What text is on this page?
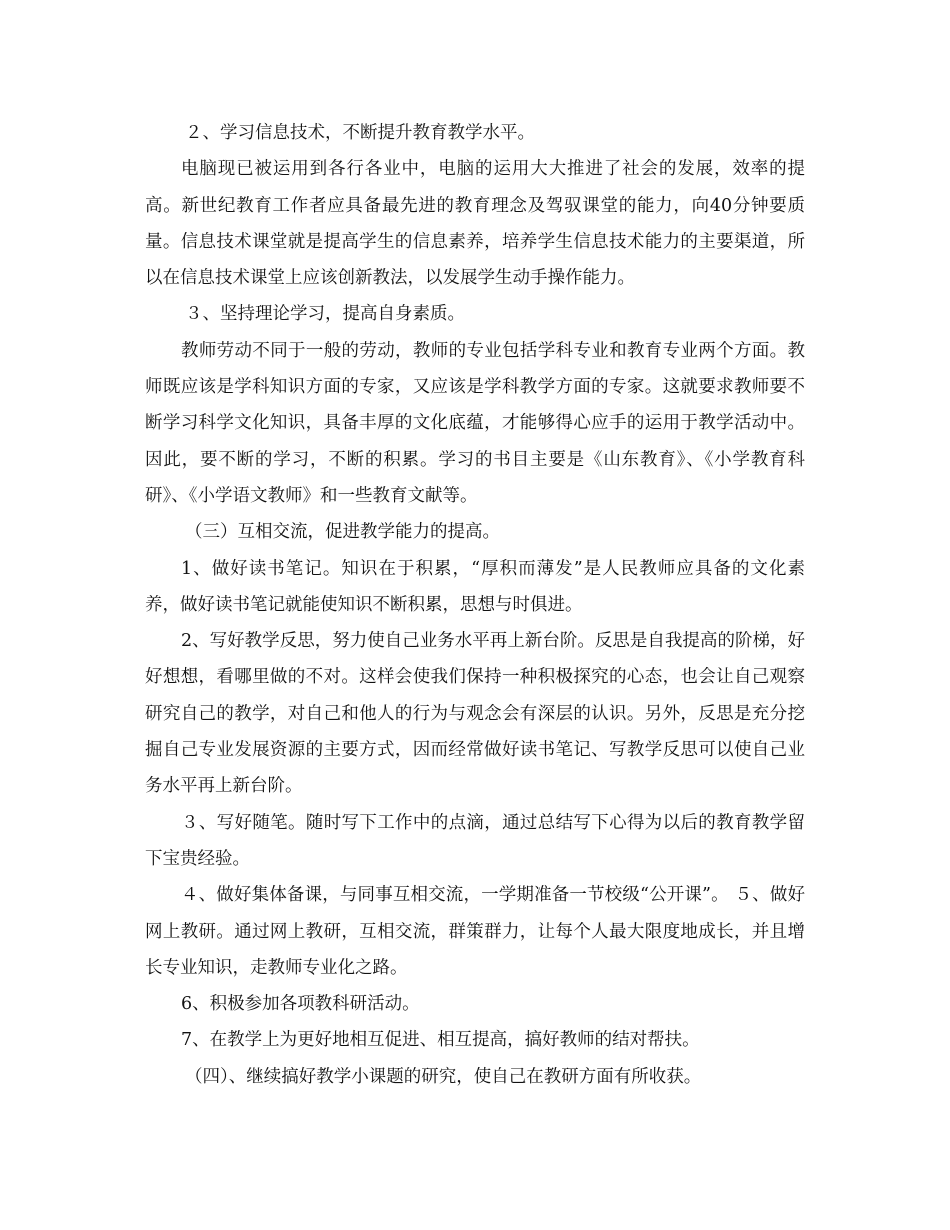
２、学习信息技术，不断提升教育教学水平。

电脑现已被运用到各行各业中，电脑的运用大大推进了社会的发展，效率的提高。新世纪教育工作者应具备最先进的教育理念及驾驭课堂的能力，向40分钟要质量。信息技术课堂就是提高学生的信息素养，培养学生信息技术能力的主要渠道，所以在信息技术课堂上应该创新教法，以发展学生动手操作能力。

３、坚持理论学习，提高自身素质。

教师劳动不同于一般的劳动，教师的专业包括学科专业和教育专业两个方面。教师既应该是学科知识方面的专家，又应该是学科教学方面的专家。这就要求教师要不断学习科学文化知识，具备丰厚的文化底蕴，才能够得心应手的运用于教学活动中。因此，要不断的学习，不断的积累。学习的书目主要是《山东教育》、《小学教育科研》、《小学语文教师》和一些教育文献等。

（三）互相交流，促进教学能力的提高。

1、做好读书笔记。知识在于积累，“厚积而薄发”是人民教师应具备的文化素养，做好读书笔记就能使知识不断积累，思想与时俱进。

2、写好教学反思，努力使自己业务水平再上新台阶。反思是自我提高的阶梯，好好想想，看哪里做的不对。这样会使我们保持一种积极探究的心态，也会让自己观察研究自己的教学，对自己和他人的行为与观念会有深层的认识。另外，反思是充分挖掘自己专业发展资源的主要方式，因而经常做好读书笔记、写教学反思可以使自己业务水平再上新台阶。

３、写好随笔。随时写下工作中的点滴，通过总结写下心得为以后的教育教学留下宝贵经验。

４、做好集体备课，与同事互相交流，一学期准备一节校级“公开课”。 ５、做好网上教研。通过网上教研，互相交流，群策群力，让每个人最大限度地成长，并且增长专业知识，走教师专业化之路。

6、积极参加各项教科研活动。

7、在教学上为更好地相互促进、相互提高，搞好教师的结对帮扶。

（四）、继续搞好教学小课题的研究，使自己在教研方面有所收获。
